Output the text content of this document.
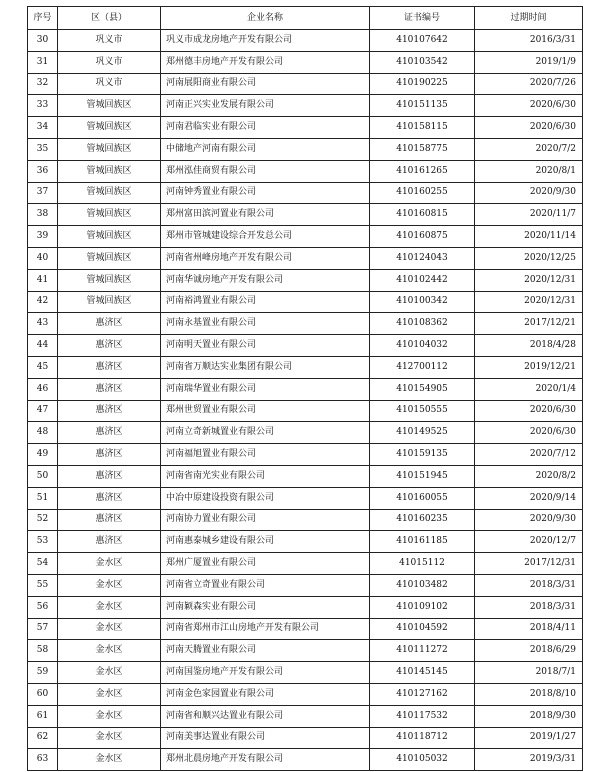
序号	区（县）	企业名称	证书编号	过期时间
30	巩义市	巩义市成龙房地产开发有限公司	410107642	2016/3/31
31	巩义市	郑州德丰房地产开发有限公司	410103542	2019/1/9
32	巩义市	河南展阳商业有限公司	410190225	2020/7/26
33	管城回族区	河南正兴实业发展有限公司	410151135	2020/6/30
34	管城回族区	河南君临实业有限公司	410158115	2020/6/30
35	管城回族区	中储地产河南有限公司	410158775	2020/7/2
36	管城回族区	郑州泓佳商贸有限公司	410161265	2020/8/1
37	管城回族区	河南钟秀置业有限公司	410160255	2020/9/30
38	管城回族区	郑州富田滨河置业有限公司	410160815	2020/11/7
39	管城回族区	郑州市管城建设综合开发总公司	410160875	2020/11/14
40	管城回族区	河南省州峰房地产开发有限公司	410124043	2020/12/25
41	管城回族区	河南华诚房地产开发有限公司	410102442	2020/12/31
42	管城回族区	河南裕鸿置业有限公司	410100342	2020/12/31
43	惠济区	河南永基置业有限公司	410108362	2017/12/21
44	惠济区	河南明天置业有限公司	410104032	2018/4/28
45	惠济区	河南省万顺达实业集团有限公司	412700112	2019/12/21
46	惠济区	河南瑞华置业有限公司	410154905	2020/1/4
47	惠济区	郑州世贸置业有限公司	410150555	2020/6/30
48	惠济区	河南立奇新城置业有限公司	410149525	2020/6/30
49	惠济区	河南福旭置业有限公司	410159135	2020/7/12
50	惠济区	河南省南光实业有限公司	410151945	2020/8/2
51	惠济区	中冶中原建设投资有限公司	410160055	2020/9/14
52	惠济区	河南协力置业有限公司	410160235	2020/9/30
53	惠济区	河南惠泰城乡建设有限公司	410161185	2020/12/7
54	金水区	郑州广厦置业有限公司	41015112	2017/12/31
55	金水区	河南省立奇置业有限公司	410103482	2018/3/31
56	金水区	河南颖森实业有限公司	410109102	2018/3/31
57	金水区	河南省郑州市江山房地产开发有限公司	410104592	2018/4/11
58	金水区	河南天腾置业有限公司	410111272	2018/6/29
59	金水区	河南国鉴房地产开发有限公司	410145145	2018/7/1
60	金水区	河南金色家园置业有限公司	410127162	2018/8/10
61	金水区	河南省和顺兴达置业有限公司	410117532	2018/9/30
62	金水区	河南美事达置业有限公司	410118712	2019/1/27
63	金水区	郑州北晨房地产开发有限公司	410105032	2019/3/31
